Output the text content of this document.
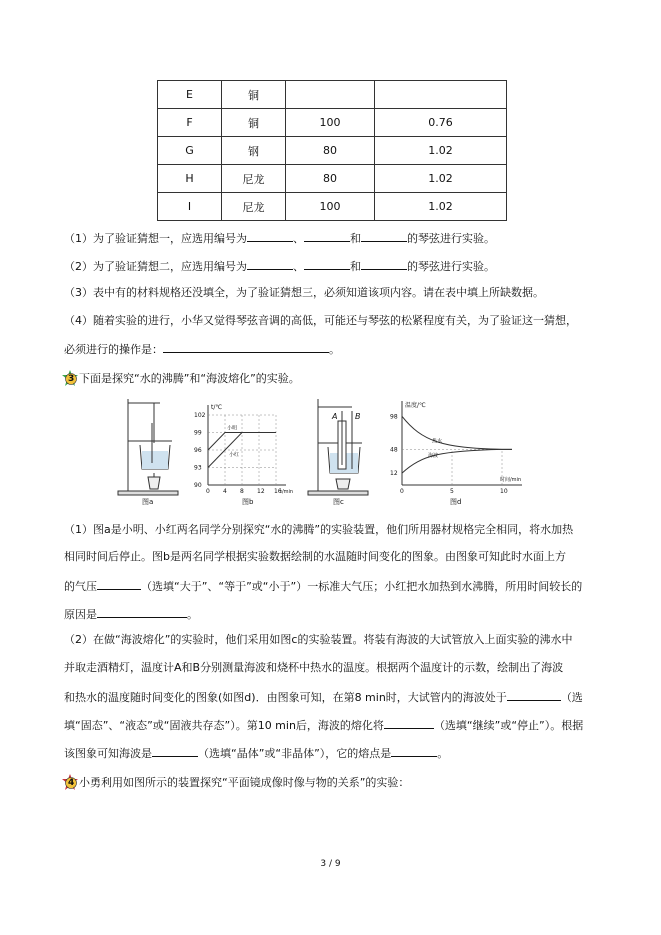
E	铜		
F	铜	100	0.76
G	钢	80	1.02
H	尼龙	80	1.02
I	尼龙	100	1.02
（1）为了验证猜想一，应选用编号为	、	和	的琴弦进行实验。
（2）为了验证猜想二，应选用编号为	、	和	的琴弦进行实验。
（3）表中有的材料规格还没填全，为了验证猜想三，必须知道该项内容。请在表中填上所缺数据。
（4）随着实验的进行，小华又觉得琴弦音调的高低，可能还与琴弦的松紧程度有关，为了验证这一猜想，
必须进行的操作是：	。
3 下面是探究“水的沸腾”和“海波熔化”的实验。
图a
t/℃
t/min
102
99
96
93
90
0 4 8 12 16
小明
小红
图b
A B
图c
温度/℃
时间/min
98
48
12
0	5	10
热水
海波
图d
（1）图a是小明、小红两名同学分别探究“水的沸腾”的实验装置，他们所用器材规格完全相同，将水加热
相同时间后停止。图b是两名同学根据实验数据绘制的水温随时间变化的图象。由图象可知此时水面上方
的气压	（选填“大于”、“等于”或“小于”）一标准大气压；小红把水加热到水沸腾，所用时间较长的
原因是	。
（2）在做“海波熔化”的实验时，他们采用如图c的实验装置。将装有海波的大试管放入上面实验的沸水中
并取走酒精灯，温度计A和B分别测量海波和烧杯中热水的温度。根据两个温度计的示数，绘制出了海波
和热水的温度随时间变化的图象(如图d)．由图象可知，在第8 min时，大试管内的海波处于	（选
填“固态”、“液态”或“固液共存态”）。第10 min后，海波的熔化将	（选填“继续”或“停止”）。根据
该图象可知海波是	（选填“晶体”或“非晶体”），它的熔点是	。
4 小勇利用如图所示的装置探究“平面镜成像时像与物的关系”的实验：
3 / 9
